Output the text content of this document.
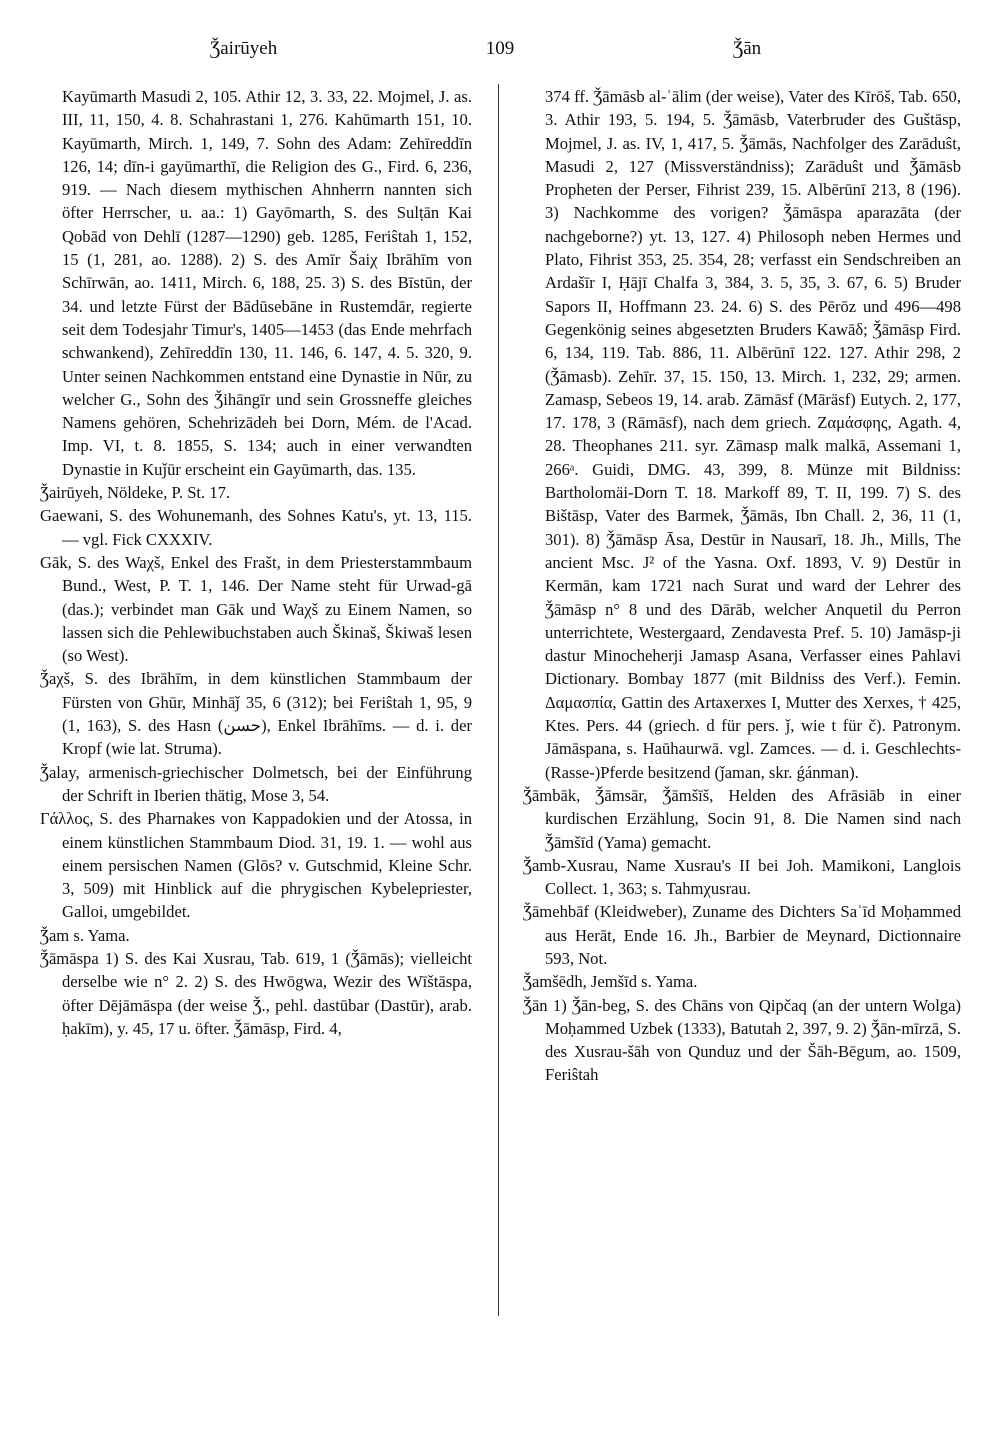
Ǯairūyeh	109	Ǯān

Kayūmarth Masudi 2, 105. Athir 12, 3. 33, 22. Mojmel, J. as. III, 11, 150, 4. 8. Schahrastani 1, 276. Kahūmarth 151, 10. Kayūmarth, Mirch. 1, 149, 7. Sohn des Adam: Zehīreddīn 126, 14; dīn-i gayūmarthī, die Religion des G., Fird. 6, 236, 919. — Nach diesem mythischen Ahnherrn nannten sich öfter Herrscher, u. aa.: 1) Gayōmarth, S. des Sulṭān Kai Qobād von Dehlī (1287—1290) geb. 1285, Feriŝtah 1, 152, 15 (1, 281, ao. 1288). 2) S. des Amīr Šaiχ Ibrāhīm von Schīrwān, ao. 1411, Mirch. 6, 188, 25. 3) S. des Bīstūn, der 34. und letzte Fürst der Bādūsebāne in Rustemdār, regierte seit dem Todesjahr Timur's, 1405—1453 (das Ende mehrfach schwankend), Zehīreddīn 130, 11. 146, 6. 147, 4. 5. 320, 9. Unter seinen Nachkommen entstand eine Dynastie in Nūr, zu welcher G., Sohn des Ǯihāngīr und sein Grossneffe gleiches Namens gehören, Schehrizādeh bei Dorn, Mém. de l'Acad. Imp. VI, t. 8. 1855, S. 134; auch in einer verwandten Dynastie in Kuǰūr erscheint ein Gayūmarth, das. 135.

Ǯairūyeh, Nöldeke, P. St. 17.

Gaewani, S. des Wohunemanh, des Sohnes Katu's, yt. 13, 115. — vgl. Fick CXXXIV.

Gāk, S. des Waχš, Enkel des Frašt, in dem Priesterstammbaum Bund., West, P. T. 1, 146. Der Name steht für Urwad-gā (das.); verbindet man Gāk und Waχš zu Einem Namen, so lassen sich die Pehlewibuchstaben auch Škinaš, Škiwaš lesen (so West).

Ǯaχš, S. des Ibrāhīm, in dem künstlichen Stammbaum der Fürsten von Ghūr, Minhāǰ 35, 6 (312); bei Feriŝtah 1, 95, 9 (1, 163), S. des Hasn (حسن), Enkel Ibrāhīms. — d. i. der Kropf (wie lat. Struma).

Ǯalay, armenisch-griechischer Dolmetsch, bei der Einführung der Schrift in Iberien thätig, Mose 3, 54.

Γάλλος, S. des Pharnakes von Kappadokien und der Atossa, in einem künstlichen Stammbaum Diod. 31, 19. 1. — wohl aus einem persischen Namen (Glōs? v. Gutschmid, Kleine Schr. 3, 509) mit Hinblick auf die phrygischen Kybelepriester, Galloi, umgebildet.

Ǯam s. Yama.

Ǯāmāspa 1) S. des Kai Xusrau, Tab. 619, 1 (Ǯāmās); vielleicht derselbe wie n° 2. 2) S. des Hwōgwa, Wezir des Wīštāspa, öfter Dējāmāspa (der weise Ǯ., pehl. dastūbar (Dastūr), arab. ḥakīm), y. 45, 17 u. öfter. Ǯāmāsp, Fird. 4,

374 ff. Ǯāmāsb al-ʿālim (der weise), Vater des Kīrōš, Tab. 650, 3. Athir 193, 5. 194, 5. Ǯāmāsb, Vaterbruder des Guštāsp, Mojmel, J. as. IV, 1, 417, 5. Ǯāmās, Nachfolger des Zarāduŝt, Masudi 2, 127 (Missverständniss); Zarāduŝt und Ǯāmāsb Propheten der Perser, Fihrist 239, 15. Albērūnī 213, 8 (196). 3) Nachkomme des vorigen? Ǯāmāspa aparazāta (der nachgeborne?) yt. 13, 127. 4) Philosoph neben Hermes und Plato, Fihrist 353, 25. 354, 28; verfasst ein Sendschreiben an Ardašīr I, Ḥājī Chalfa 3, 384, 3. 5, 35, 3. 67, 6. 5) Bruder Sapors II, Hoffmann 23. 24. 6) S. des Pērōz und 496—498 Gegenkönig seines abgesetzten Bruders Kawāδ; Ǯāmāsp Fird. 6, 134, 119. Tab. 886, 11. Albērūnī 122. 127. Athir 298, 2 (Ǯāmasb). Zehīr. 37, 15. 150, 13. Mirch. 1, 232, 29; armen. Zamasp, Sebeos 19, 14. arab. Zāmāsf (Māräsf) Eutych. 2, 177, 17. 178, 3 (Rāmāsf), nach dem griech. Ζαμάσφης, Agath. 4, 28. Theophanes 211. syr. Zāmasp malk malkā, Assemani 1, 266ᵃ. Guidi, DMG. 43, 399, 8. Münze mit Bildniss: Bartholomäi-Dorn T. 18. Markoff 89, T. II, 199. 7) S. des Bištāsp, Vater des Barmek, Ǯāmās, Ibn Chall. 2, 36, 11 (1, 301). 8) Ǯāmāsp Āsa, Destūr in Nausarī, 18. Jh., Mills, The ancient Msc. J² of the Yasna. Oxf. 1893, V. 9) Destūr in Kermān, kam 1721 nach Surat und ward der Lehrer des Ǯāmāsp n° 8 und des Dārāb, welcher Anquetil du Perron unterrichtete, Westergaard, Zendavesta Pref. 5. 10) Jamāsp-ji dastur Minocheherji Jamasp Asana, Verfasser eines Pahlavi Dictionary. Bombay 1877 (mit Bildniss des Verf.). Femin. Δαμασπία, Gattin des Artaxerxes I, Mutter des Xerxes, † 425, Ktes. Pers. 44 (griech. d für pers. ǰ, wie t für č). Patronym. Jāmāspana, s. Haūhaurwā. vgl. Zamces. — d. i. Geschlechts-(Rasse-)Pferde besitzend (ǰaman, skr. ǵánman).

Ǯāmbāk, Ǯāmsār, Ǯāmšīš, Helden des Afrāsiāb in einer kurdischen Erzählung, Socin 91, 8. Die Namen sind nach Ǯāmšīd (Yama) gemacht.

Ǯamb-Xusrau, Name Xusrau's II bei Joh. Mamikoni, Langlois Collect. 1, 363; s. Tahmχusrau.

Ǯāmehbāf (Kleidweber), Zuname des Dichters Saʿīd Moḥammed aus Herāt, Ende 16. Jh., Barbier de Meynard, Dictionnaire 593, Not.

Ǯamšēdh, Jemšīd s. Yama.

Ǯān 1) Ǯān-beg, S. des Chāns von Qipčaq (an der untern Wolga) Moḥammed Uzbek (1333), Batutah 2, 397, 9. 2) Ǯān-mīrzā, S. des Xusrau-šāh von Qunduz und der Šāh-Bēgum, ao. 1509, Feriŝtah
